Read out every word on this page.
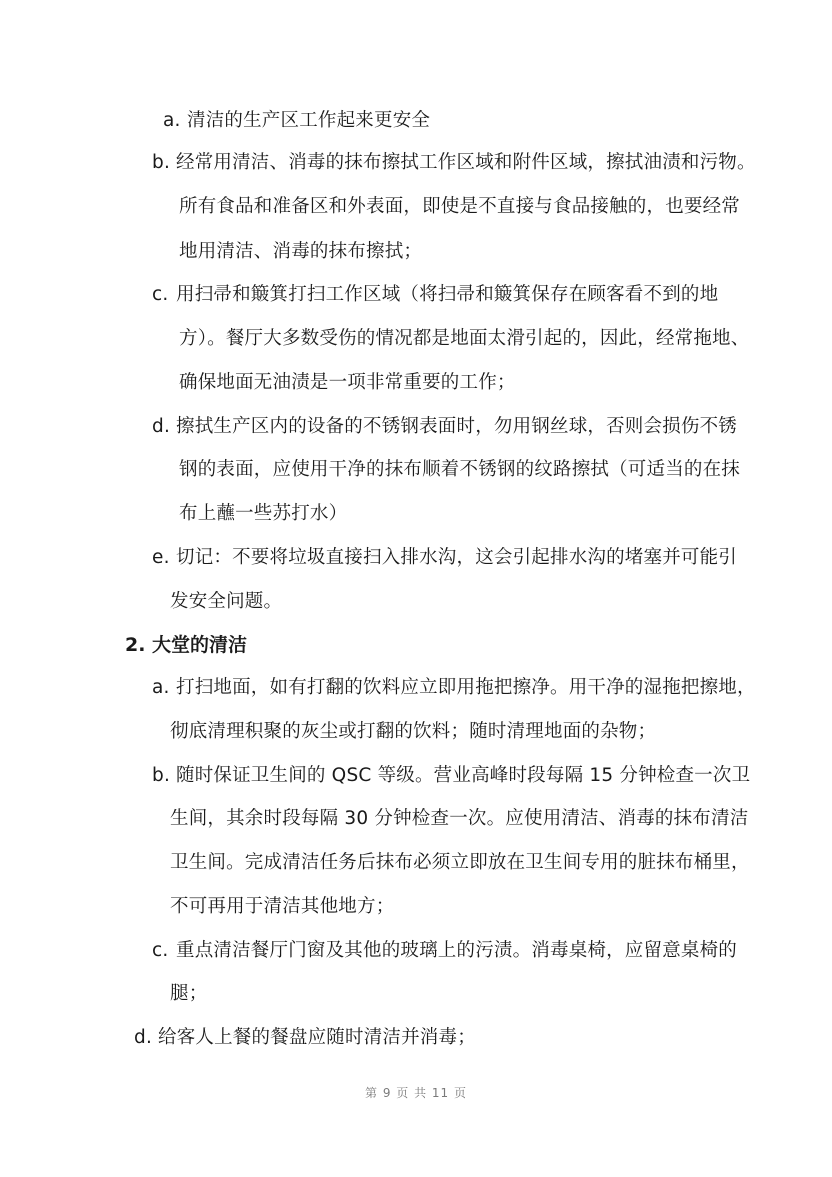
a. 清洁的生产区工作起来更安全
b. 经常用清洁、消毒的抹布擦拭工作区域和附件区域，擦拭油渍和污物。
所有食品和准备区和外表面，即使是不直接与食品接触的，也要经常
地用清洁、消毒的抹布擦拭；
c. 用扫帚和簸箕打扫工作区域（将扫帚和簸箕保存在顾客看不到的地
方）。餐厅大多数受伤的情况都是地面太滑引起的，因此，经常拖地、
确保地面无油渍是一项非常重要的工作；
d. 擦拭生产区内的设备的不锈钢表面时，勿用钢丝球，否则会损伤不锈
钢的表面，应使用干净的抹布顺着不锈钢的纹路擦拭（可适当的在抹
布上蘸一些苏打水）
e. 切记：不要将垃圾直接扫入排水沟，这会引起排水沟的堵塞并可能引
发安全问题。
2. 大堂的清洁
a. 打扫地面，如有打翻的饮料应立即用拖把擦净。用干净的湿拖把擦地，
彻底清理积聚的灰尘或打翻的饮料；随时清理地面的杂物；
b. 随时保证卫生间的 QSC 等级。营业高峰时段每隔 15 分钟检查一次卫
生间，其余时段每隔 30 分钟检查一次。应使用清洁、消毒的抹布清洁
卫生间。完成清洁任务后抹布必须立即放在卫生间专用的脏抹布桶里，
不可再用于清洁其他地方；
c. 重点清洁餐厅门窗及其他的玻璃上的污渍。消毒桌椅，应留意桌椅的
腿；
d. 给客人上餐的餐盘应随时清洁并消毒；
第 9 页 共 11 页
